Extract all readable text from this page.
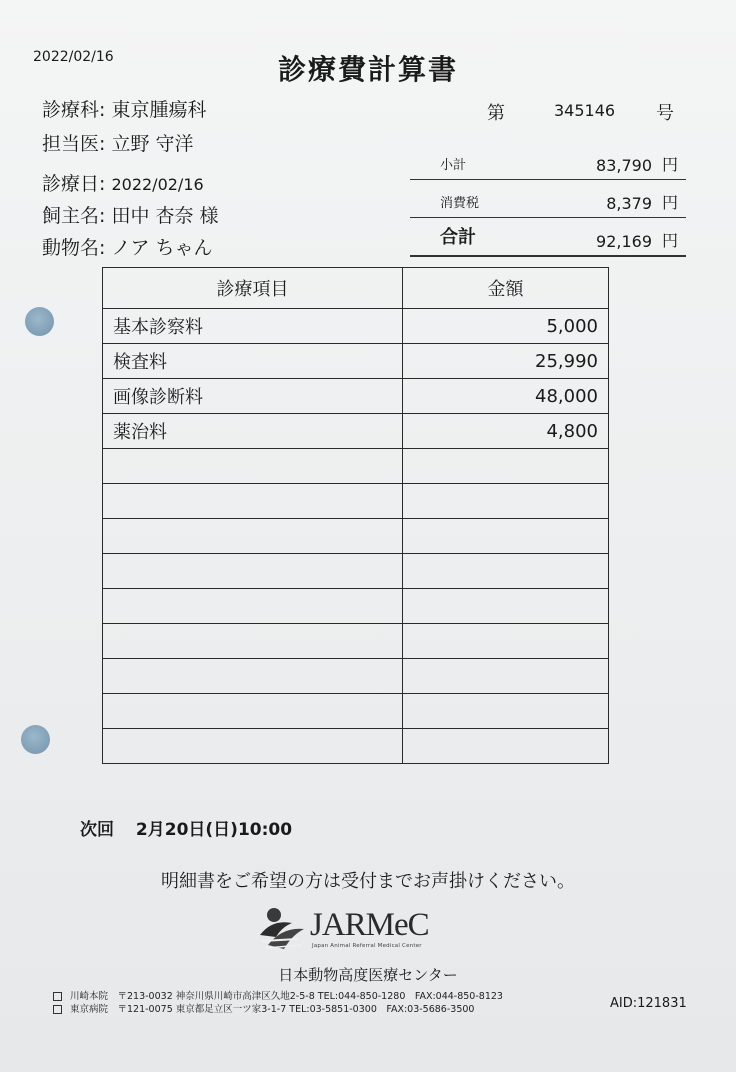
2022/02/16	診療費計算書
診療科: 東京腫瘍科
担当医: 立野 守洋
診療日: 2022/02/16
飼主名: 田中 杏奈 様
動物名: ノア ちゃん
第	345146 号
小計	83,790 円
消費税	8,379 円
合計	92,169 円
診療項目	金額
基本診察料	5,000
検査料	25,990
画像診断料	48,000
薬治料	4,800

次回 2月20日(日)10:00
明細書をご希望の方は受付までお声掛けください。
JARMeC
Japan Animal Referral Medical Center
日本動物高度医療センター
川崎本院　〒213-0032 神奈川県川崎市高津区久地2-5-8 TEL:044-850-1280　FAX:044-850-8123
東京病院　〒121-0075 東京都足立区一ツ家3-1-7 TEL:03-5851-0300　FAX:03-5686-3500	AID:121831
